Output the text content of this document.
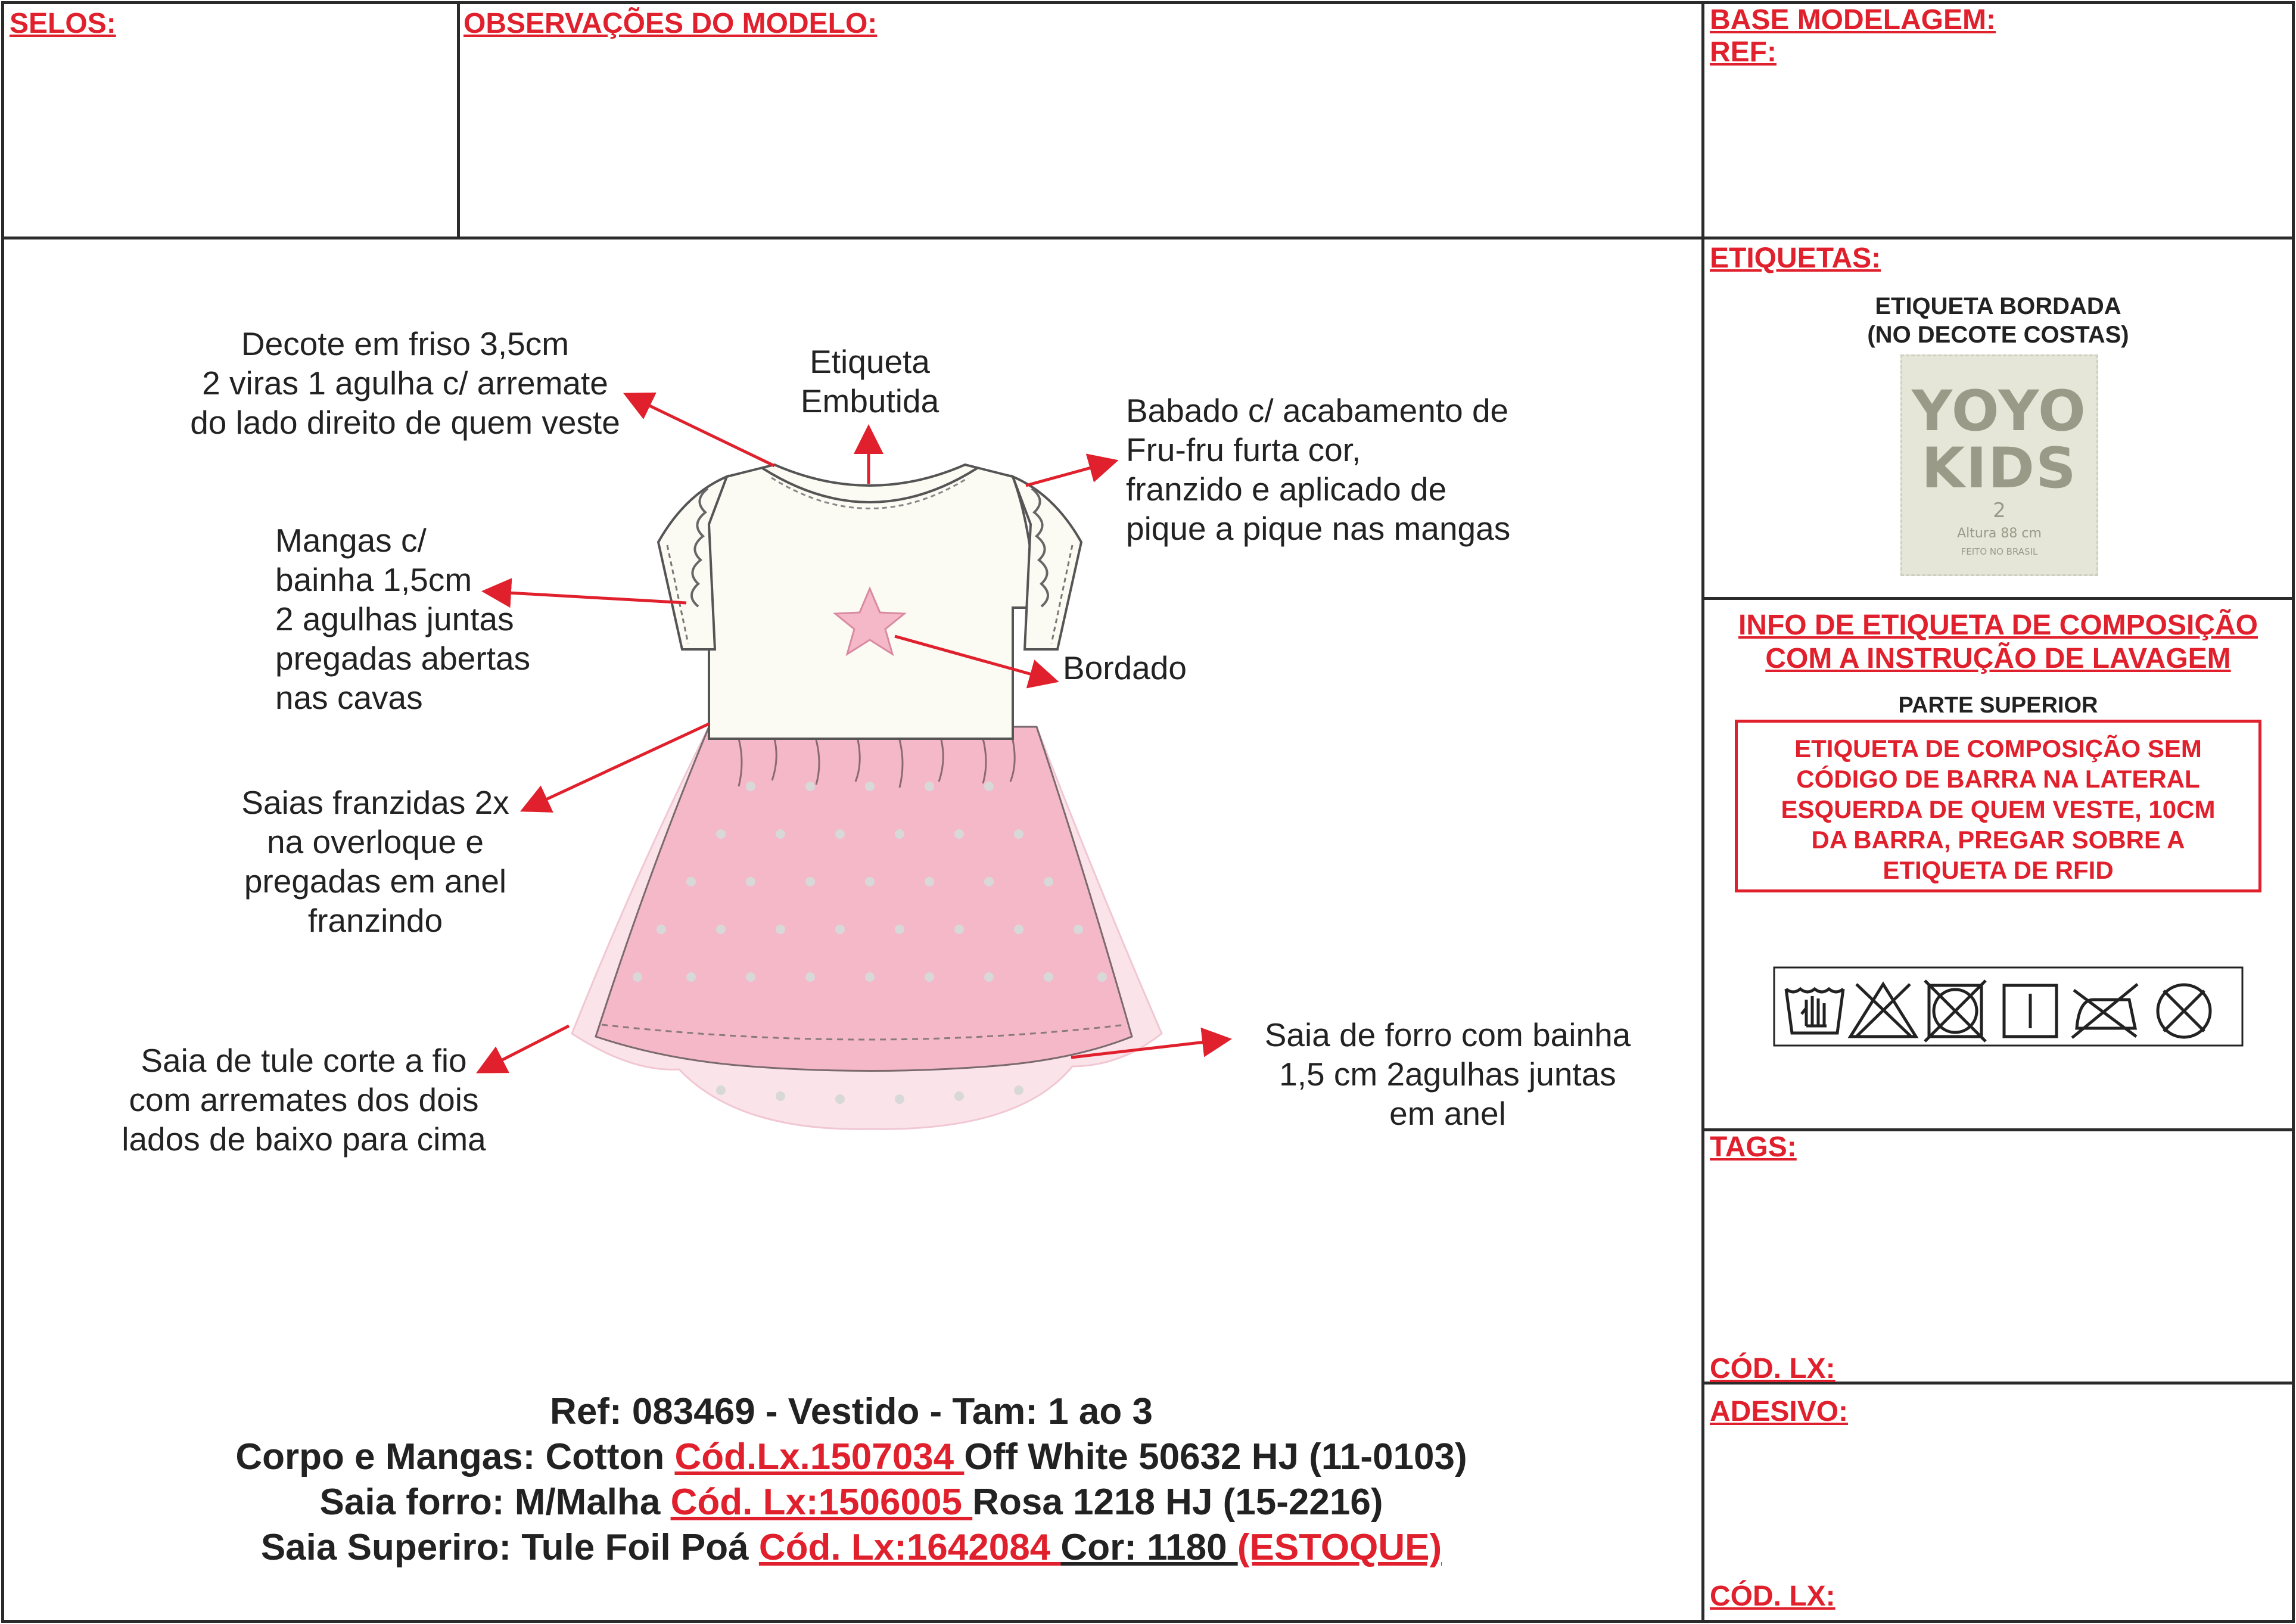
SELOS:	OBSERVAÇÕES DO MODELO:	BASE MODELAGEM:
REF:
ETIQUETAS:
ETIQUETA BORDADA
(NO DECOTE COSTAS)
YOYO
KIDS
2
Altura 88 cm
FEITO NO BRASIL
INFO DE ETIQUETA DE COMPOSIÇÃO
COM A INSTRUÇÃO DE LAVAGEM
PARTE SUPERIOR
ETIQUETA DE COMPOSIÇÃO SEM
CÓDIGO DE BARRA NA LATERAL
ESQUERDA DE QUEM VESTE, 10CM
DA BARRA, PREGAR SOBRE A
ETIQUETA DE RFID
TAGS:
CÓD. LX:
ADESIVO:
CÓD. LX:
Decote em friso 3,5cm
2 viras 1 agulha c/ arremate
do lado direito de quem veste
Etiqueta
Embutida	Babado c/ acabamento de
Fru-fru furta cor,
franzido e aplicado de
pique a pique nas mangas
Mangas c/
bainha 1,5cm
2 agulhas juntas
pregadas abertas
nas cavas
Bordado
Saias franzidas 2x
na overloque e
pregadas em anel
franzindo
Saia de tule corte a fio
com arremates dos dois
lados de baixo para cima
Saia de forro com bainha
1,5 cm 2agulhas juntas
em anel
Ref: 083469 - Vestido - Tam: 1 ao 3
Corpo e Mangas: Cotton Cód.Lx.1507034 Off White 50632 HJ (11-0103)
Saia forro: M/Malha Cód. Lx:1506005 Rosa 1218 HJ (15-2216)
Saia Superiro: Tule Foil Poá Cód. Lx:1642084 Cor: 1180 (ESTOQUE)
